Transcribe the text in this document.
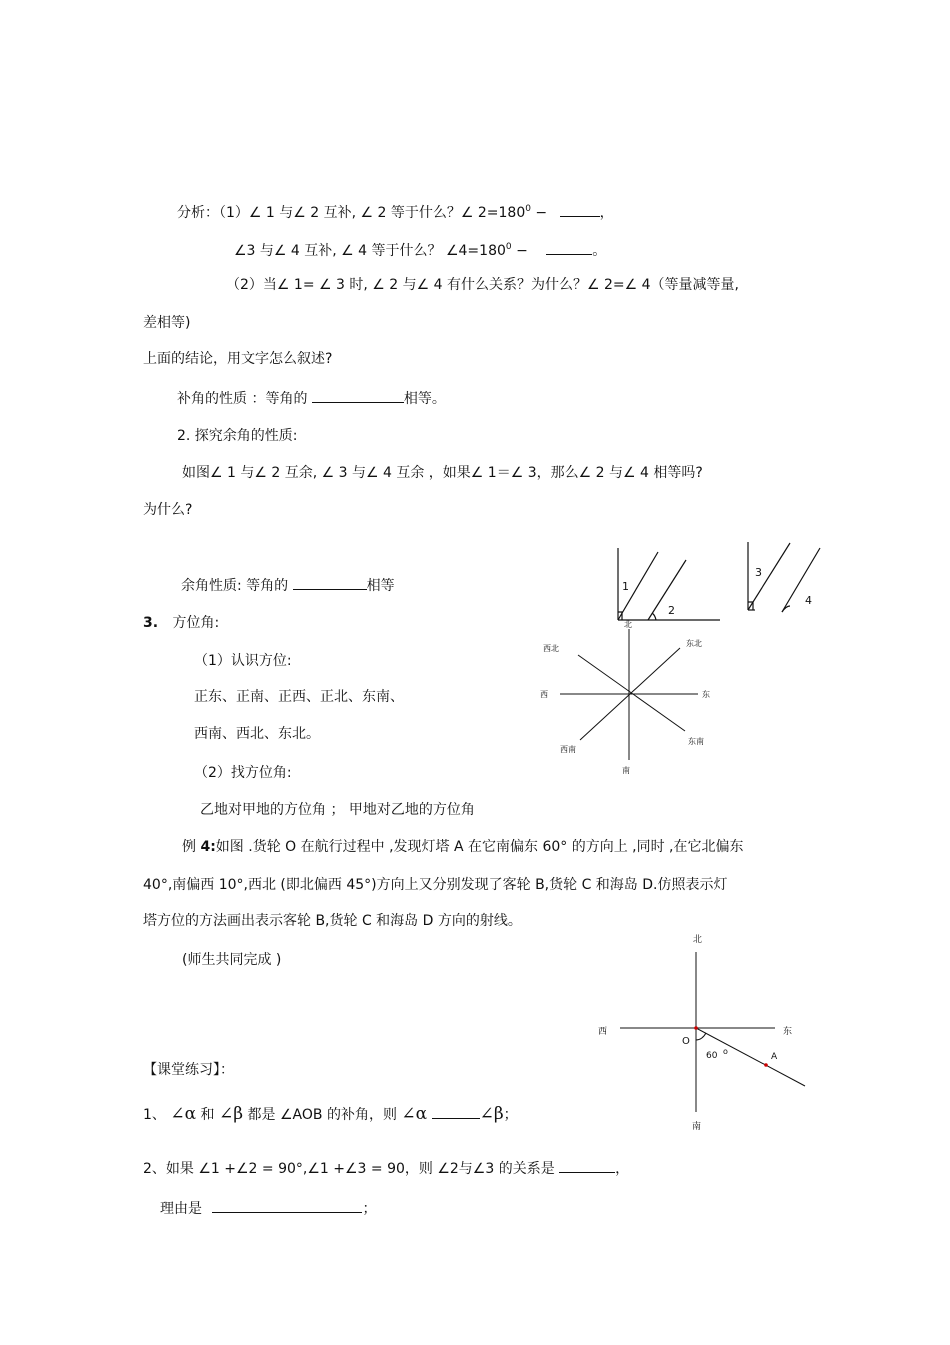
分析：（1）∠ 1 与∠ 2 互补, ∠ 2 等于什么？∠ $2=180^0$ −	，
∠3 与∠ 4 互补, ∠ 4 等于什么？ $\angle 4=180^0$ −	。
（2）当∠ 1= ∠ 3 时, ∠ 2 与∠ 4 有什么关系？为什么？∠ 2=∠ 4（等量减等量,
差相等)
上面的结论，用文字怎么叙述?
补角的性质 ：等角的	相等。
2. 探究余角的性质:
如图∠ 1 与∠ 2 互余, ∠ 3 与∠ 4 互余 ，如果∠ 1＝∠ 3，那么∠ 2 与∠ 4 相等吗?
为什么?
余角性质: 等角的	相等
3. 方位角:
（1）认识方位:
正东、正南、正西、正北、东南、
西南、西北、东北。
（2）找方位角:
乙地对甲地的方位角 ； 甲地对乙地的方位角
例 4:如图 .货轮 O 在航行过程中 ,发现灯塔 A 在它南偏东 60° 的方向上 ,同时 ,在它北偏东
40°,南偏西 10°,西北 (即北偏西 45°)方向上又分别发现了客轮 B,货轮 C 和海岛 D.仿照表示灯
塔方位的方法画出表示客轮 B,货轮 C 和海岛 D 方向的射线。
(师生共同完成 )
【课堂练习】：
1、 ∠α 和 ∠β 都是 ∠AOB 的补角，则 ∠α	∠β；
2、如果 ∠1 +∠2 = 90°,∠1 +∠3 = 90，则 ∠2与∠3 的关系是	，
理由是	；
1
2
3
4
北
南
东
西
东北
西北
东南
西南
北
南
东
西
O
60 o
A
